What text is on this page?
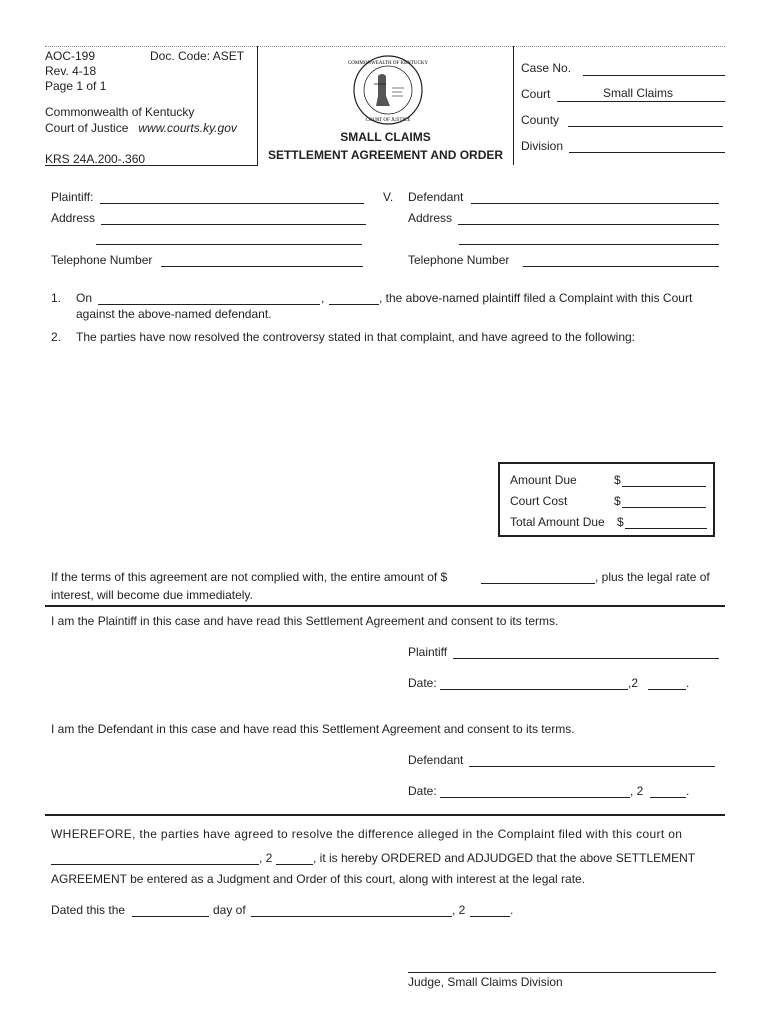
AOC-199	Doc. Code: ASET
Rev. 4-18
Page 1 of 1
Commonwealth of Kentucky
Court of Justice www.courts.ky.gov
KRS 24A.200-.360
COMMONWEALTH OF KENTUCKY
COURT OF JUSTICE
SMALL CLAIMS
SETTLEMENT AGREEMENT AND ORDER
Case No.
Court	Small Claims
County
Division
Plaintiff:
Address
Telephone Number
V. Defendant
Address
Telephone Number
1. On	,	, the above-named plaintiff filed a Complaint with this Court
against the above-named defendant.
2. The parties have now resolved the controversy stated in that complaint, and have agreed to the following:
Amount Due	$
Court Cost	$
Total Amount Due $
If the terms of this agreement are not complied with, the entire amount of $	, plus the legal rate of
interest, will become due immediately.
I am the Plaintiff in this case and have read this Settlement Agreement and consent to its terms.
Plaintiff
Date:	,2	.
I am the Defendant in this case and have read this Settlement Agreement and consent to its terms.
Defendant
Date:	, 2	.
WHEREFORE, the parties have agreed to resolve the difference alleged in the Complaint filed with this court on
, 2	, it is hereby ORDERED and ADJUDGED that the above SETTLEMENT
AGREEMENT be entered as a Judgment and Order of this court, along with interest at the legal rate.
Dated this the	day of	, 2	.
Judge, Small Claims Division
